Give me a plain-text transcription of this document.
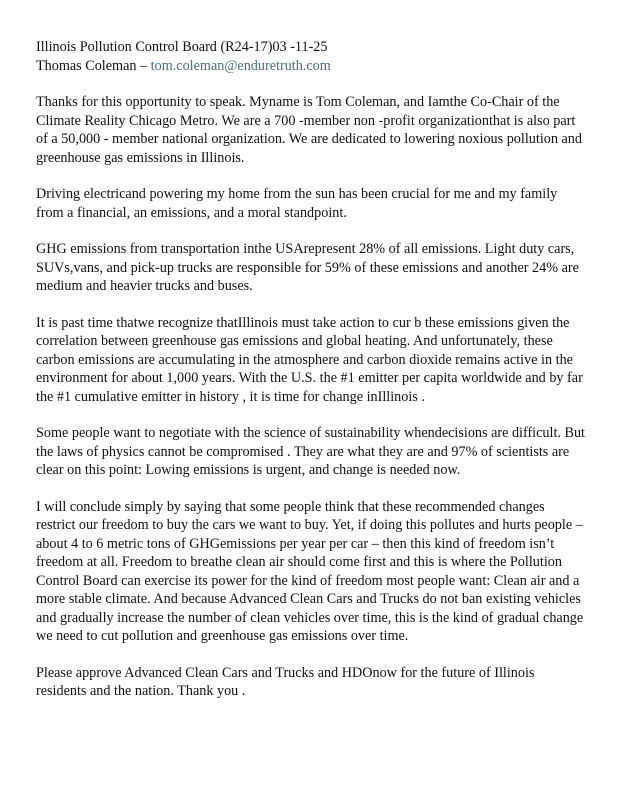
Illinois Pollution Control Board (R24-17)03 -11-25

Thomas Coleman – tom.coleman@enduretruth.com

Thanks for this opportunity to speak. Myname is Tom Coleman, and Iamthe Co-Chair of the Climate Reality Chicago Metro. We are a 700 -member non -profit organizationthat is also part of a 50,000 - member national organization. We are dedicated to lowering noxious pollution and greenhouse gas emissions in Illinois.

Driving electricand powering my home from the sun has been crucial for me and my family from a financial, an emissions, and a moral standpoint.

GHG emissions from transportation inthe USArepresent 28% of all emissions. Light duty cars, SUVs,vans, and pick-up trucks are responsible for 59% of these emissions and another 24% are medium and heavier trucks and buses.

It is past time thatwe recognize thatIllinois must take action to cur b these emissions given the correlation between greenhouse gas emissions and global heating. And unfortunately, these carbon emissions are accumulating in the atmosphere and carbon dioxide remains active in the environment for about 1,000 years. With the U.S. the #1 emitter per capita worldwide and by far the #1 cumulative emitter in history , it is time for change inIllinois .

Some people want to negotiate with the science of sustainability whendecisions are difficult. But the laws of physics cannot be compromised . They are what they are and 97% of scientists are clear on this point: Lowing emissions is urgent, and change is needed now.

I will conclude simply by saying that some people think that these recommended changes restrict our freedom to buy the cars we want to buy. Yet, if doing this pollutes and hurts people – about 4 to 6 metric tons of GHGemissions per year per car – then this kind of freedom isn’t freedom at all. Freedom to breathe clean air should come first and this is where the Pollution Control Board can exercise its power for the kind of freedom most people want: Clean air and a more stable climate. And because Advanced Clean Cars and Trucks do not ban existing vehicles and gradually increase the number of clean vehicles over time, this is the kind of gradual change we need to cut pollution and greenhouse gas emissions over time.

Please approve Advanced Clean Cars and Trucks and HDOnow for the future of Illinois residents and the nation. Thank you .
